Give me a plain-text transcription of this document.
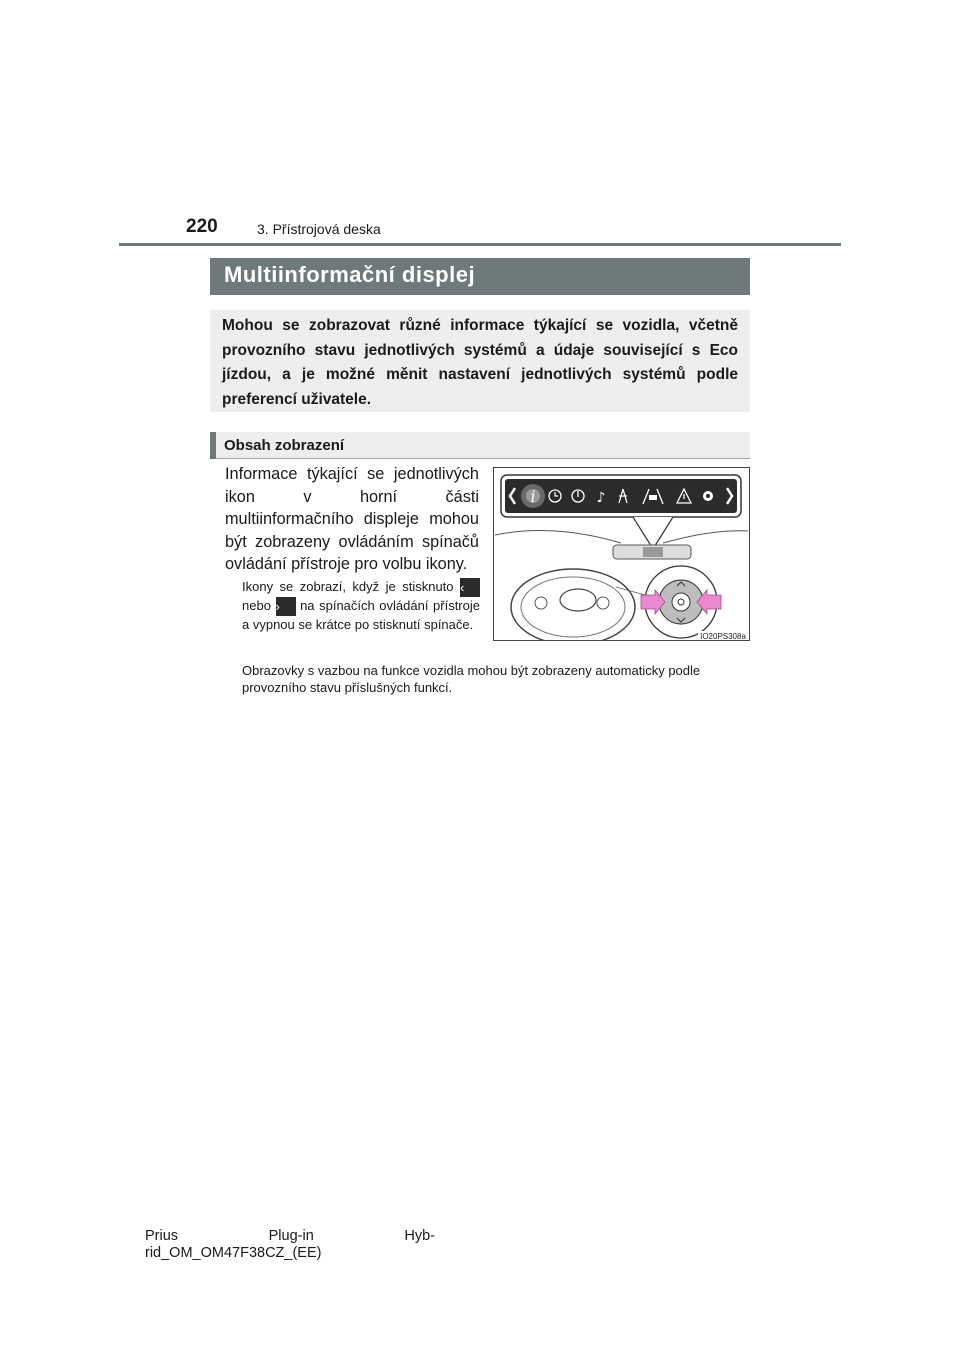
220	3. Přístrojová deska
Multiinformační displej
Mohou se zobrazovat různé informace týkající se vozidla, včetně provozního stavu jednotlivých systémů a údaje související s Eco jízdou, a je možné měnit nastavení jednotlivých systémů podle preferencí uživatele.
Obsah zobrazení
Informace týkající se jednotlivých ikon v horní části multiinformačního displeje mohou být zobrazeny ovládáním spínačů ovládání přístroje pro volbu ikony.
Ikony se zobrazí, když je stisknuto ‹ nebo › na spínačích ovládání přístroje a vypnou se krátce po stisknutí spínače.
Obrazovky s vazbou na funkce vozidla mohou být zobrazeny automaticky podle provozního stavu příslušných funkcí.
i	♪
IO20PS308a
Prius	Plug-in	Hyb-
rid_OM_OM47F38CZ_(EE)
